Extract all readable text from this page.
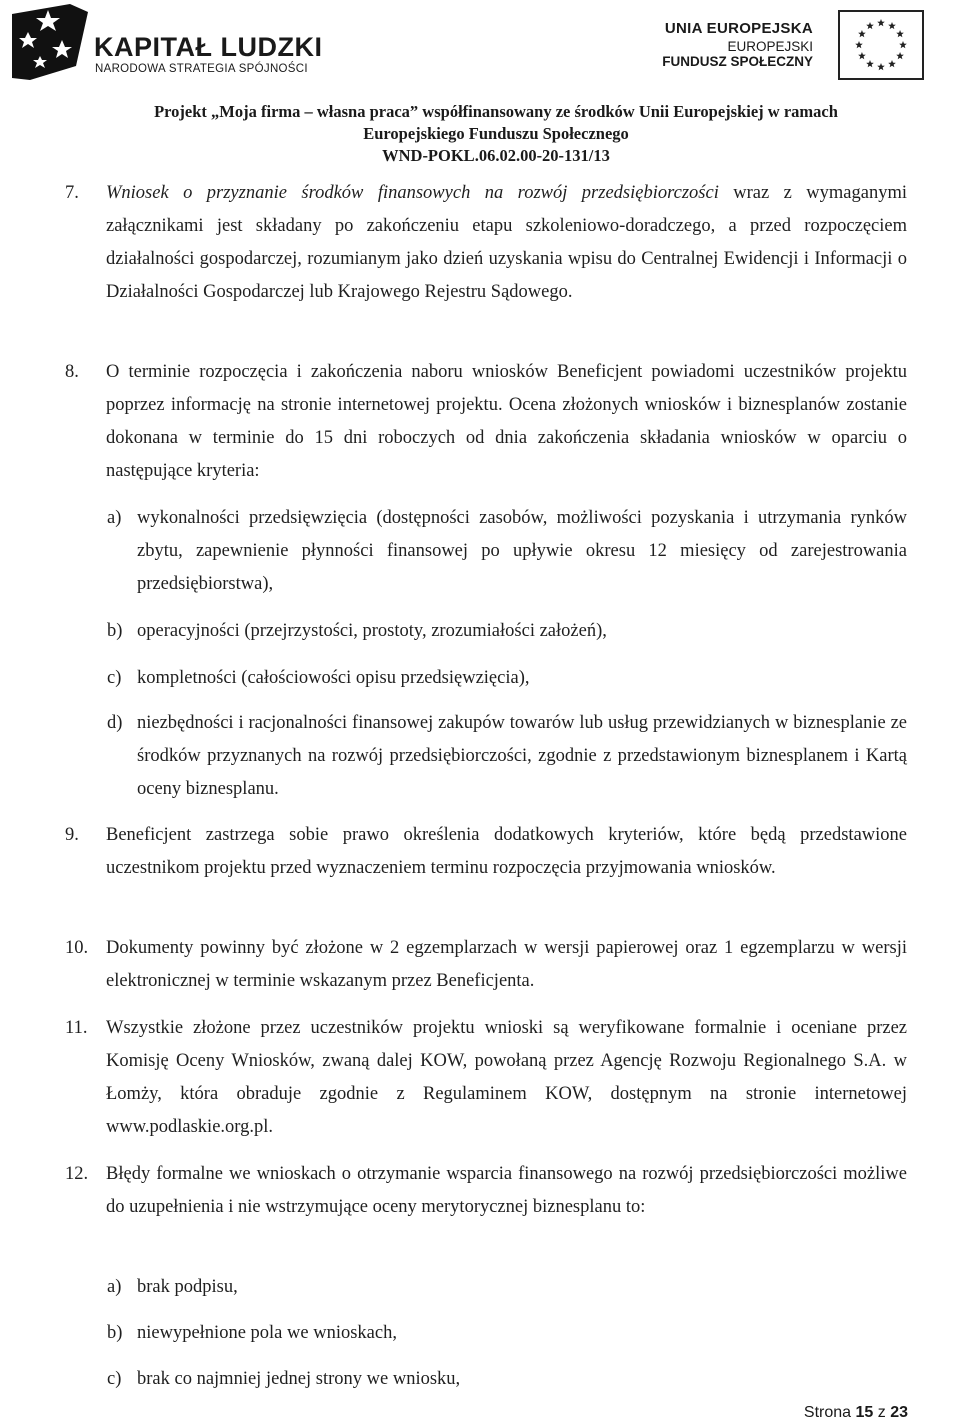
KAPITAŁ LUDZKI
NARODOWA STRATEGIA SPÓJNOŚCI
UNIA EUROPEJSKA
EUROPEJSKI
FUNDUSZ SPOŁECZNY
Projekt „Moja firma – własna praca” współfinansowany ze środków Unii Europejskiej w ramach
Europejskiego Funduszu Społecznego
WND-POKL.06.02.00-20-131/13
7. Wniosek o przyznanie środków finansowych na rozwój przedsiębiorczości wraz z wymaganymi załącznikami jest składany po zakończeniu etapu szkoleniowo-doradczego, a przed rozpoczęciem działalności gospodarczej, rozumianym jako dzień uzyskania wpisu do Centralnej Ewidencji i Informacji o Działalności Gospodarczej lub Krajowego Rejestru Sądowego.
8. O terminie rozpoczęcia i zakończenia naboru wniosków Beneficjent powiadomi uczestników projektu poprzez informację na stronie internetowej projektu. Ocena złożonych wniosków i biznesplanów zostanie dokonana w terminie do 15 dni roboczych od dnia zakończenia składania wniosków w oparciu o następujące kryteria:
a) wykonalności przedsięwzięcia (dostępności zasobów, możliwości pozyskania i utrzymania rynków zbytu, zapewnienie płynności finansowej po upływie okresu 12 miesięcy od zarejestrowania przedsiębiorstwa),
b) operacyjności (przejrzystości, prostoty, zrozumiałości założeń),
c) kompletności (całościowości opisu przedsięwzięcia),
d) niezbędności i racjonalności finansowej zakupów towarów lub usług przewidzianych w biznesplanie ze środków przyznanych na rozwój przedsiębiorczości, zgodnie z przedstawionym biznesplanem i Kartą oceny biznesplanu.
9. Beneficjent zastrzega sobie prawo określenia dodatkowych kryteriów, które będą przedstawione uczestnikom projektu przed wyznaczeniem terminu rozpoczęcia przyjmowania wniosków.
10. Dokumenty powinny być złożone w 2 egzemplarzach w wersji papierowej oraz 1 egzemplarzu w wersji elektronicznej w terminie wskazanym przez Beneficjenta.
11. Wszystkie złożone przez uczestników projektu wnioski są weryfikowane formalnie i oceniane przez Komisję Oceny Wniosków, zwaną dalej KOW, powołaną przez Agencję Rozwoju Regionalnego S.A. w Łomży, która obraduje zgodnie z Regulaminem KOW, dostępnym na stronie internetowej www.podlaskie.org.pl.
12. Błędy formalne we wnioskach o otrzymanie wsparcia finansowego na rozwój przedsiębiorczości możliwe do uzupełnienia i nie wstrzymujące oceny merytorycznej biznesplanu to:
a) brak podpisu,
b) niewypełnione pola we wnioskach,
c) brak co najmniej jednej strony we wniosku,
Strona 15 z 23
